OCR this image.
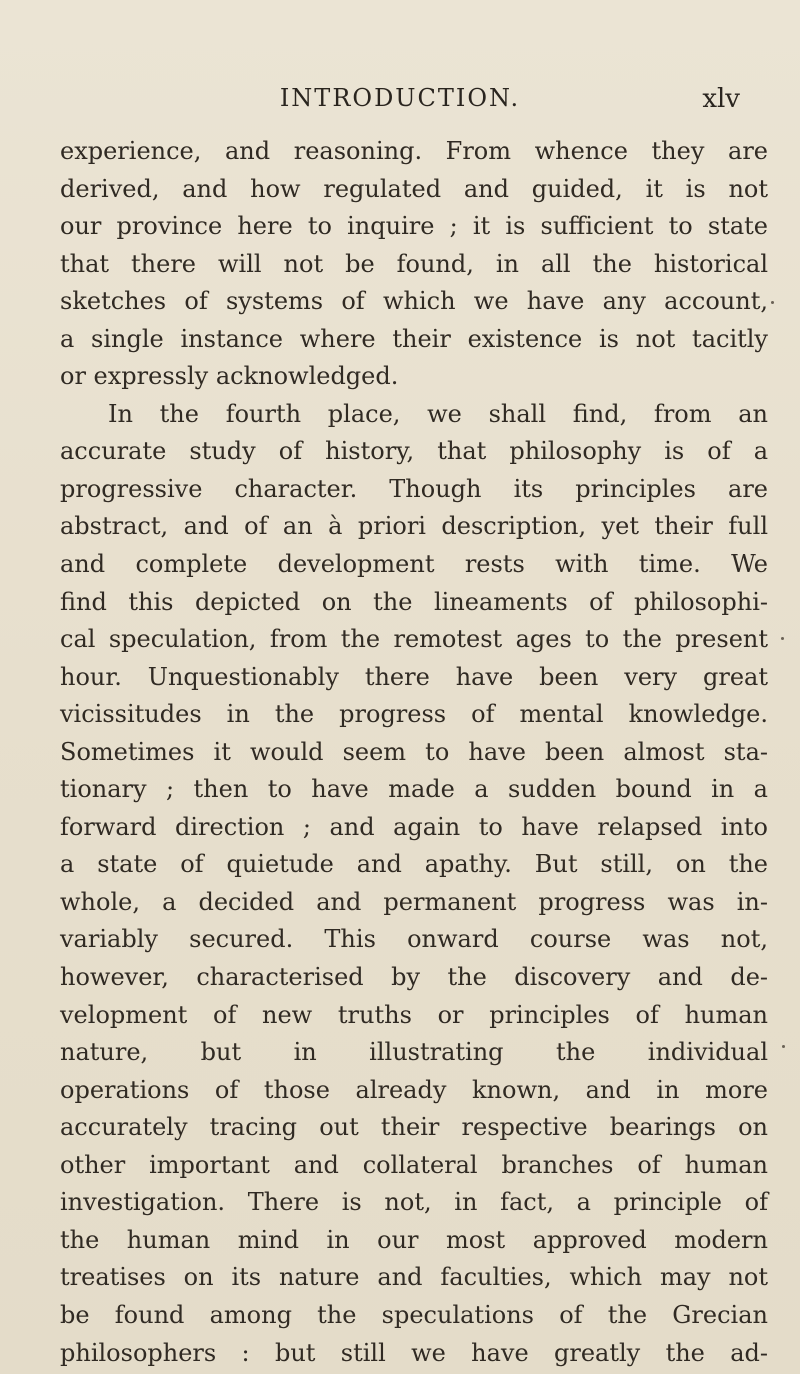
INTRODUCTION.	xlv
experience, and reasoning. From whence they are
derived, and how regulated and guided, it is not
our province here to inquire ; it is sufficient to state
that there will not be found, in all the historical
sketches of systems of which we have any account,
a single instance where their existence is not tacitly
or expressly acknowledged.
In the fourth place, we shall find, from an
accurate study of history, that philosophy is of a
progressive character. Though its principles are
abstract, and of an à priori description, yet their full
and complete development rests with time. We
find this depicted on the lineaments of philosophi-
cal speculation, from the remotest ages to the present
hour. Unquestionably there have been very great
vicissitudes in the progress of mental knowledge.
Sometimes it would seem to have been almost sta-
tionary ; then to have made a sudden bound in a
forward direction ; and again to have relapsed into
a state of quietude and apathy. But still, on the
whole, a decided and permanent progress was in-
variably secured. This onward course was not,
however, characterised by the discovery and de-
velopment of new truths or principles of human
nature, but in illustrating the individual
operations of those already known, and in more
accurately tracing out their respective bearings on
other important and collateral branches of human
investigation. There is not, in fact, a principle of
the human mind in our most approved modern
treatises on its nature and faculties, which may not
be found among the speculations of the Grecian
philosophers : but still we have greatly the ad-
